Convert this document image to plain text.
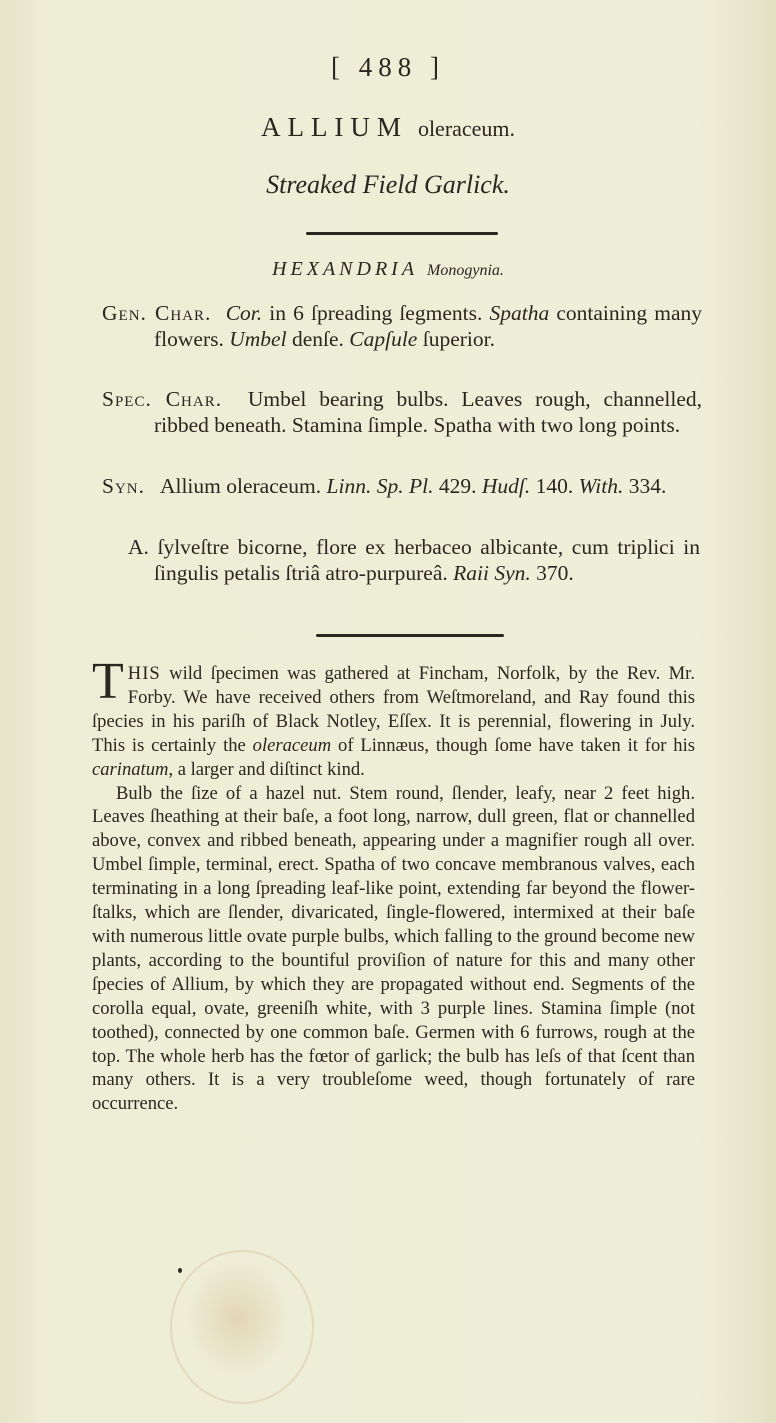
[ 488 ]
ALLIUM oleraceum.
Streaked Field Garlick.
HEXANDRIA Monogynia.
Gen. Char. Cor. in 6 ſpreading ſegments. Spatha containing many flowers. Umbel denſe. Capſule ſuperior.
Spec. Char. Umbel bearing bulbs. Leaves rough, channelled, ribbed beneath. Stamina ſimple. Spatha with two long points.
Syn. Allium oleraceum. Linn. Sp. Pl. 429. Hudſ. 140. With. 334.
A. ſylveſtre bicorne, flore ex herbaceo albicante, cum triplici in ſingulis petalis ſtriâ atro-purpureâ. Raii Syn. 370.

THIS wild ſpecimen was gathered at Fincham, Norfolk, by the Rev. Mr. Forby. We have received others from Weſtmoreland, and Ray found this ſpecies in his pariſh of Black Notley, Eſſex. It is perennial, flowering in July. This is certainly the oleraceum of Linnæus, though ſome have taken it for his carinatum, a larger and diſtinct kind.

Bulb the ſize of a hazel nut. Stem round, ſlender, leafy, near 2 feet high. Leaves ſheathing at their baſe, a foot long, narrow, dull green, flat or channelled above, convex and ribbed beneath, appearing under a magnifier rough all over. Umbel ſimple, terminal, erect. Spatha of two concave membranous valves, each terminating in a long ſpreading leaf-like point, extending far beyond the flower-ſtalks, which are ſlender, divaricated, ſingle-flowered, intermixed at their baſe with numerous little ovate purple bulbs, which falling to the ground become new plants, according to the bountiful proviſion of nature for this and many other ſpecies of Allium, by which they are propagated without end. Segments of the corolla equal, ovate, greeniſh white, with 3 purple lines. Stamina ſimple (not toothed), connected by one common baſe. Germen with 6 furrows, rough at the top. The whole herb has the fœtor of garlick; the bulb has leſs of that ſcent than many others. It is a very troubleſome weed, though fortunately of rare occurrence.
